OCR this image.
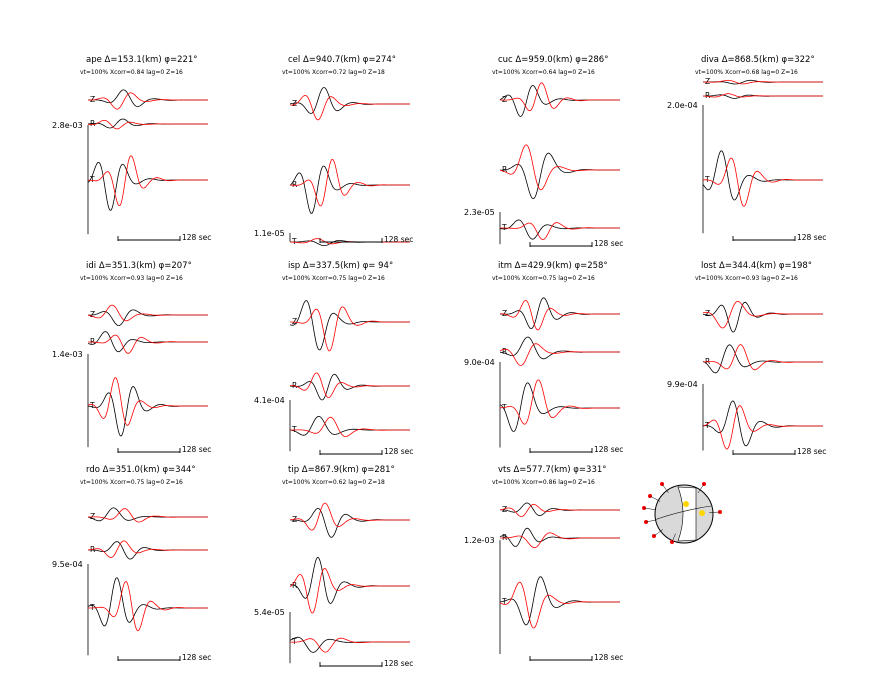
ape Δ=153.1(km) φ=221°
vt=100% Xcorr=0.84 lag=0 Z=16
2.8e-03
Z
R
T
128 sec
cel Δ=940.7(km) φ=274°
vt=100% Xcorr=0.72 lag=0 Z=18
1.1e-05
Z
R
T	128 sec
cuc Δ=959.0(km) φ=286°
vt=100% Xcorr=0.64 lag=0 Z=16
2.3e-05
Z
R
T
128 sec
diva Δ=868.5(km) φ=322°
vt=100% Xcorr=0.68 lag=0 Z=16
2.0e-04
Z
R
T
128 sec
idi Δ=351.3(km) φ=207°
vt=100% Xcorr=0.93 lag=0 Z=16
1.4e-03
Z
R
T
128 sec
isp Δ=337.5(km) φ= 94°
vt=100% Xcorr=0.75 lag=0 Z=16
4.1e-04
Z
R
T
128 sec
itm Δ=429.9(km) φ=258°
vt=100% Xcorr=0.75 lag=0 Z=16
9.0e-04
Z
R
T
128 sec
lost Δ=344.4(km) φ=198°
vt=100% Xcorr=0.93 lag=0 Z=16
9.9e-04
Z
R
T
128 sec
rdo Δ=351.0(km) φ=344°
vt=100% Xcorr=0.75 lag=0 Z=16
9.5e-04
Z
R
T
128 sec
tip Δ=867.9(km) φ=281°
vt=100% Xcorr=0.62 lag=0 Z=18
5.4e-05
Z
R
T
128 sec
vts Δ=577.7(km) φ=331°
vt=100% Xcorr=0.86 lag=0 Z=16
1.2e-03
Z
R
T
128 sec
